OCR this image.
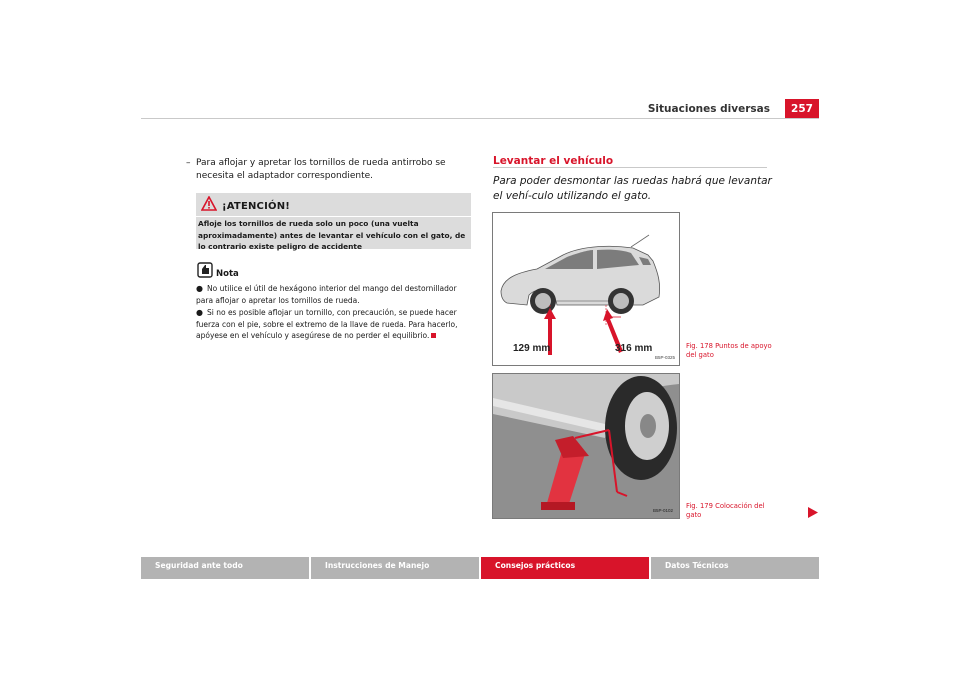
Situaciones diversas	257
– Para aflojar y apretar los tornillos de rueda antirrobo se necesita el adaptador correspondiente.
¡ATENCIÓN!
Afloje los tornillos de rueda solo un poco (una vuelta aproximadamente) antes de levantar el vehículo con el gato, de lo contrario existe peligro de accidente
Nota

● No utilice el útil de hexágono interior del mango del destornillador para aflojar o apretar los tornillos de rueda.

● Si no es posible aflojar un tornillo, con precaución, se puede hacer fuerza con el pie, sobre el extremo de la llave de rueda. Para hacerlo, apóyese en el vehículo y asegúrese de no perder el equilibrio.

Levantar el vehículo
Para poder desmontar las ruedas habrá que levantar el vehí-culo utilizando el gato.
129 mm	316 mm
B5P-0325
Fig. 178 Puntos de apoyo del gato
B5P-0102
Fig. 179 Colocación del gato
Seguridad ante todo	Instrucciones de Manejo	Consejos prácticos	Datos Técnicos
